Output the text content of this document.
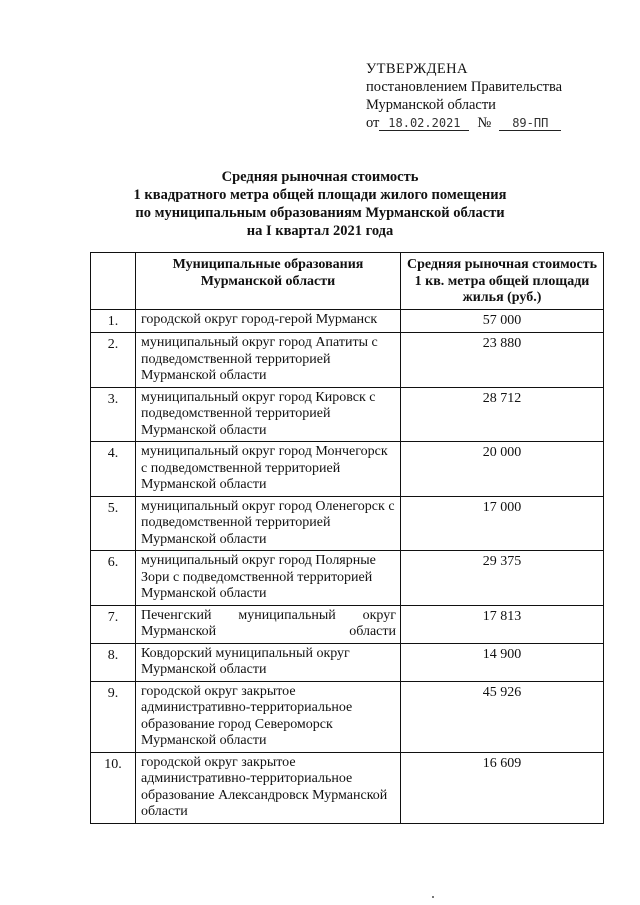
УТВЕРЖДЕНА
постановлением Правительства
Мурманской области
от 18.02.2021 № 89-ПП
Средняя рыночная стоимость
1 квадратного метра общей площади жилого помещения
по муниципальным образованиям Мурманской области
на I квартал 2021 года
	Муниципальные образования Мурманской области	Средняя рыночная стоимость 1 кв. метра общей площади жилья (руб.)
1.	городской округ город-герой Мурманск	57 000
2.	муниципальный округ город Апатиты с подведомственной территорией Мурманской области	23 880
3.	муниципальный округ город Кировск с подведомственной территорией Мурманской области	28 712
4.	муниципальный округ город Мончегорск с подведомственной территорией Мурманской области	20 000
5.	муниципальный округ город Оленегорск с подведомственной территорией Мурманской области	17 000
6.	муниципальный округ город Полярные Зори с подведомственной территорией Мурманской области	29 375
7.	Печенгский муниципальный округ Мурманской области	17 813
8.	Ковдорский муниципальный округ Мурманской области	14 900
9.	городской округ закрытое административно-территориальное образование город Североморск Мурманской области	45 926
10.	городской округ закрытое административно-территориальное образование Александровск Мурманской области	16 609
